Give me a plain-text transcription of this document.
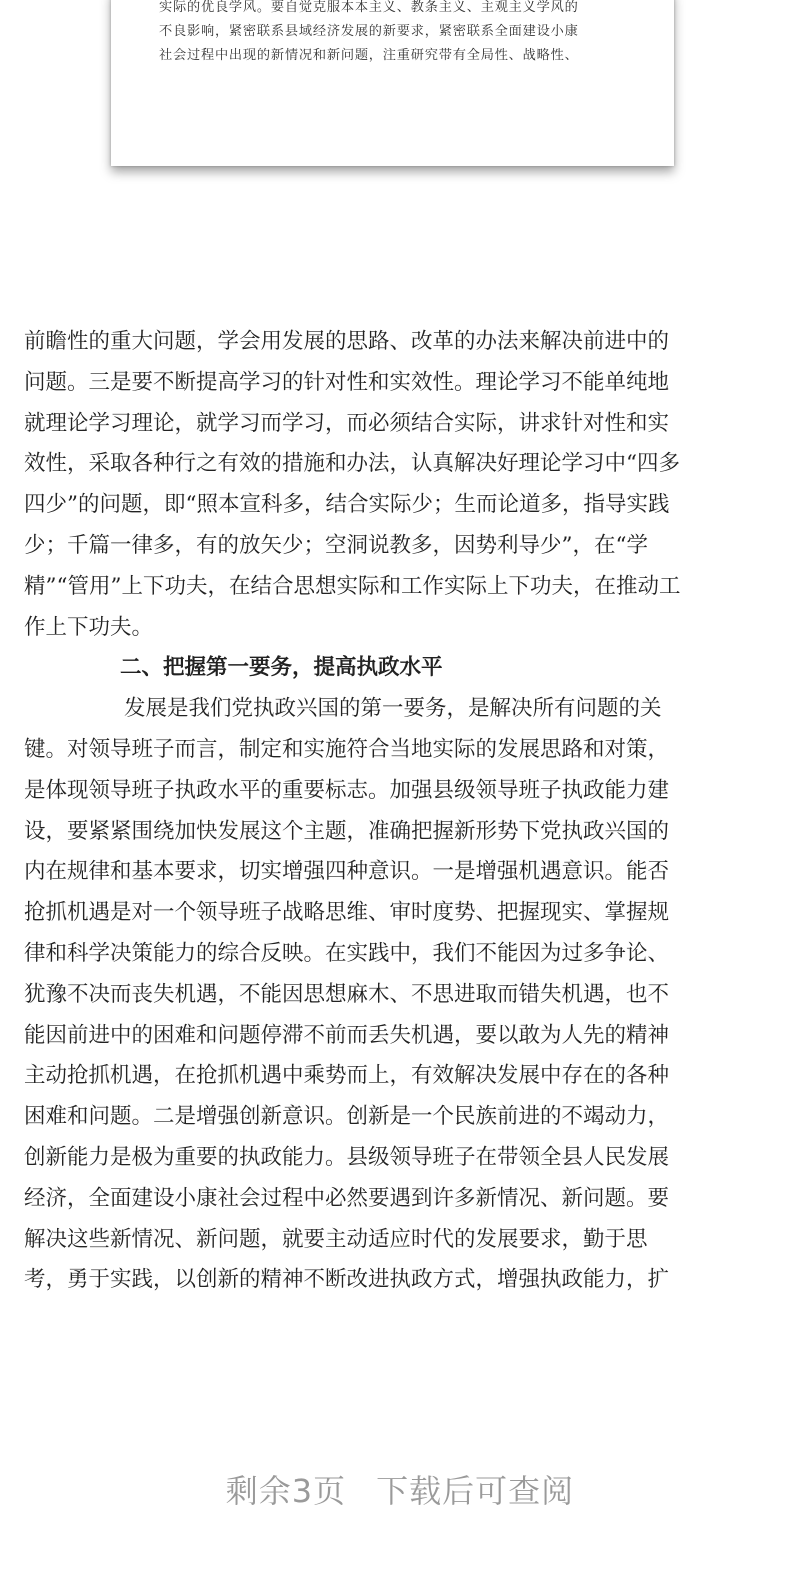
实际的优良学风。要自觉克服本本主义、教条主义、主观主义学风的
不良影响，紧密联系县域经济发展的新要求，紧密联系全面建设小康
社会过程中出现的新情况和新问题，注重研究带有全局性、战略性、
前瞻性的重大问题，学会用发展的思路、改革的办法来解决前进中的
问题。三是要不断提高学习的针对性和实效性。理论学习不能单纯地
就理论学习理论，就学习而学习，而必须结合实际，讲求针对性和实
效性，采取各种行之有效的措施和办法，认真解决好理论学习中“四多
四少”的问题，即“照本宣科多，结合实际少；生而论道多，指导实践
少；千篇一律多，有的放矢少；空洞说教多，因势利导少”，在“学
精”“管用”上下功夫，在结合思想实际和工作实际上下功夫，在推动工
作上下功夫。
二、把握第一要务，提高执政水平
发展是我们党执政兴国的第一要务，是解决所有问题的关
键。对领导班子而言，制定和实施符合当地实际的发展思路和对策，
是体现领导班子执政水平的重要标志。加强县级领导班子执政能力建
设，要紧紧围绕加快发展这个主题，准确把握新形势下党执政兴国的
内在规律和基本要求，切实增强四种意识。一是增强机遇意识。能否
抢抓机遇是对一个领导班子战略思维、审时度势、把握现实、掌握规
律和科学决策能力的综合反映。在实践中，我们不能因为过多争论、
犹豫不决而丧失机遇，不能因思想麻木、不思进取而错失机遇，也不
能因前进中的困难和问题停滞不前而丢失机遇，要以敢为人先的精神
主动抢抓机遇，在抢抓机遇中乘势而上，有效解决发展中存在的各种
困难和问题。二是增强创新意识。创新是一个民族前进的不竭动力，
创新能力是极为重要的执政能力。县级领导班子在带领全县人民发展
经济，全面建设小康社会过程中必然要遇到许多新情况、新问题。要
解决这些新情况、新问题，就要主动适应时代的发展要求，勤于思
考，勇于实践，以创新的精神不断改进执政方式，增强执政能力，扩
剩余3页 下载后可查阅
